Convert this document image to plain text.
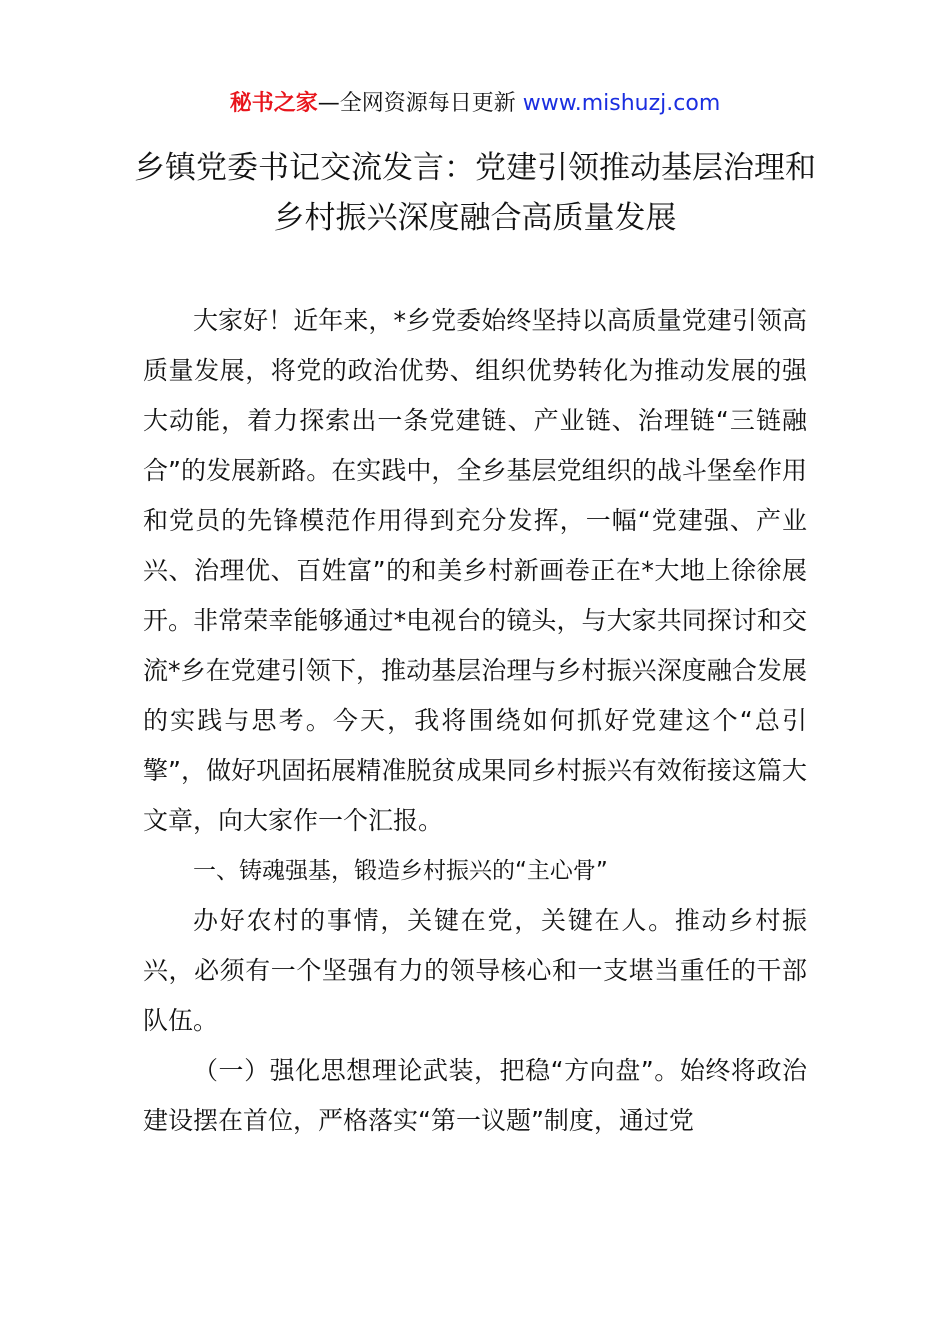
秘书之家—全网资源每日更新 www.mishuzj.com
乡镇党委书记交流发言：党建引领推动基层治理和乡村振兴深度融合高质量发展

大家好！近年来，*乡党委始终坚持以高质量党建引领高质量发展，将党的政治优势、组织优势转化为推动发展的强大动能，着力探索出一条党建链、产业链、治理链“三链融合”的发展新路。在实践中，全乡基层党组织的战斗堡垒作用和党员的先锋模范作用得到充分发挥，一幅“党建强、产业兴、治理优、百姓富”的和美乡村新画卷正在*大地上徐徐展开。非常荣幸能够通过*电视台的镜头，与大家共同探讨和交流*乡在党建引领下，推动基层治理与乡村振兴深度融合发展的实践与思考。今天，我将围绕如何抓好党建这个“总引擎”，做好巩固拓展精准脱贫成果同乡村振兴有效衔接这篇大文章，向大家作一个汇报。

一、铸魂强基，锻造乡村振兴的“主心骨”

办好农村的事情，关键在党，关键在人。推动乡村振兴，必须有一个坚强有力的领导核心和一支堪当重任的干部队伍。

（一）强化思想理论武装，把稳“方向盘”。始终将政治建设摆在首位，严格落实“第一议题”制度，通过党
